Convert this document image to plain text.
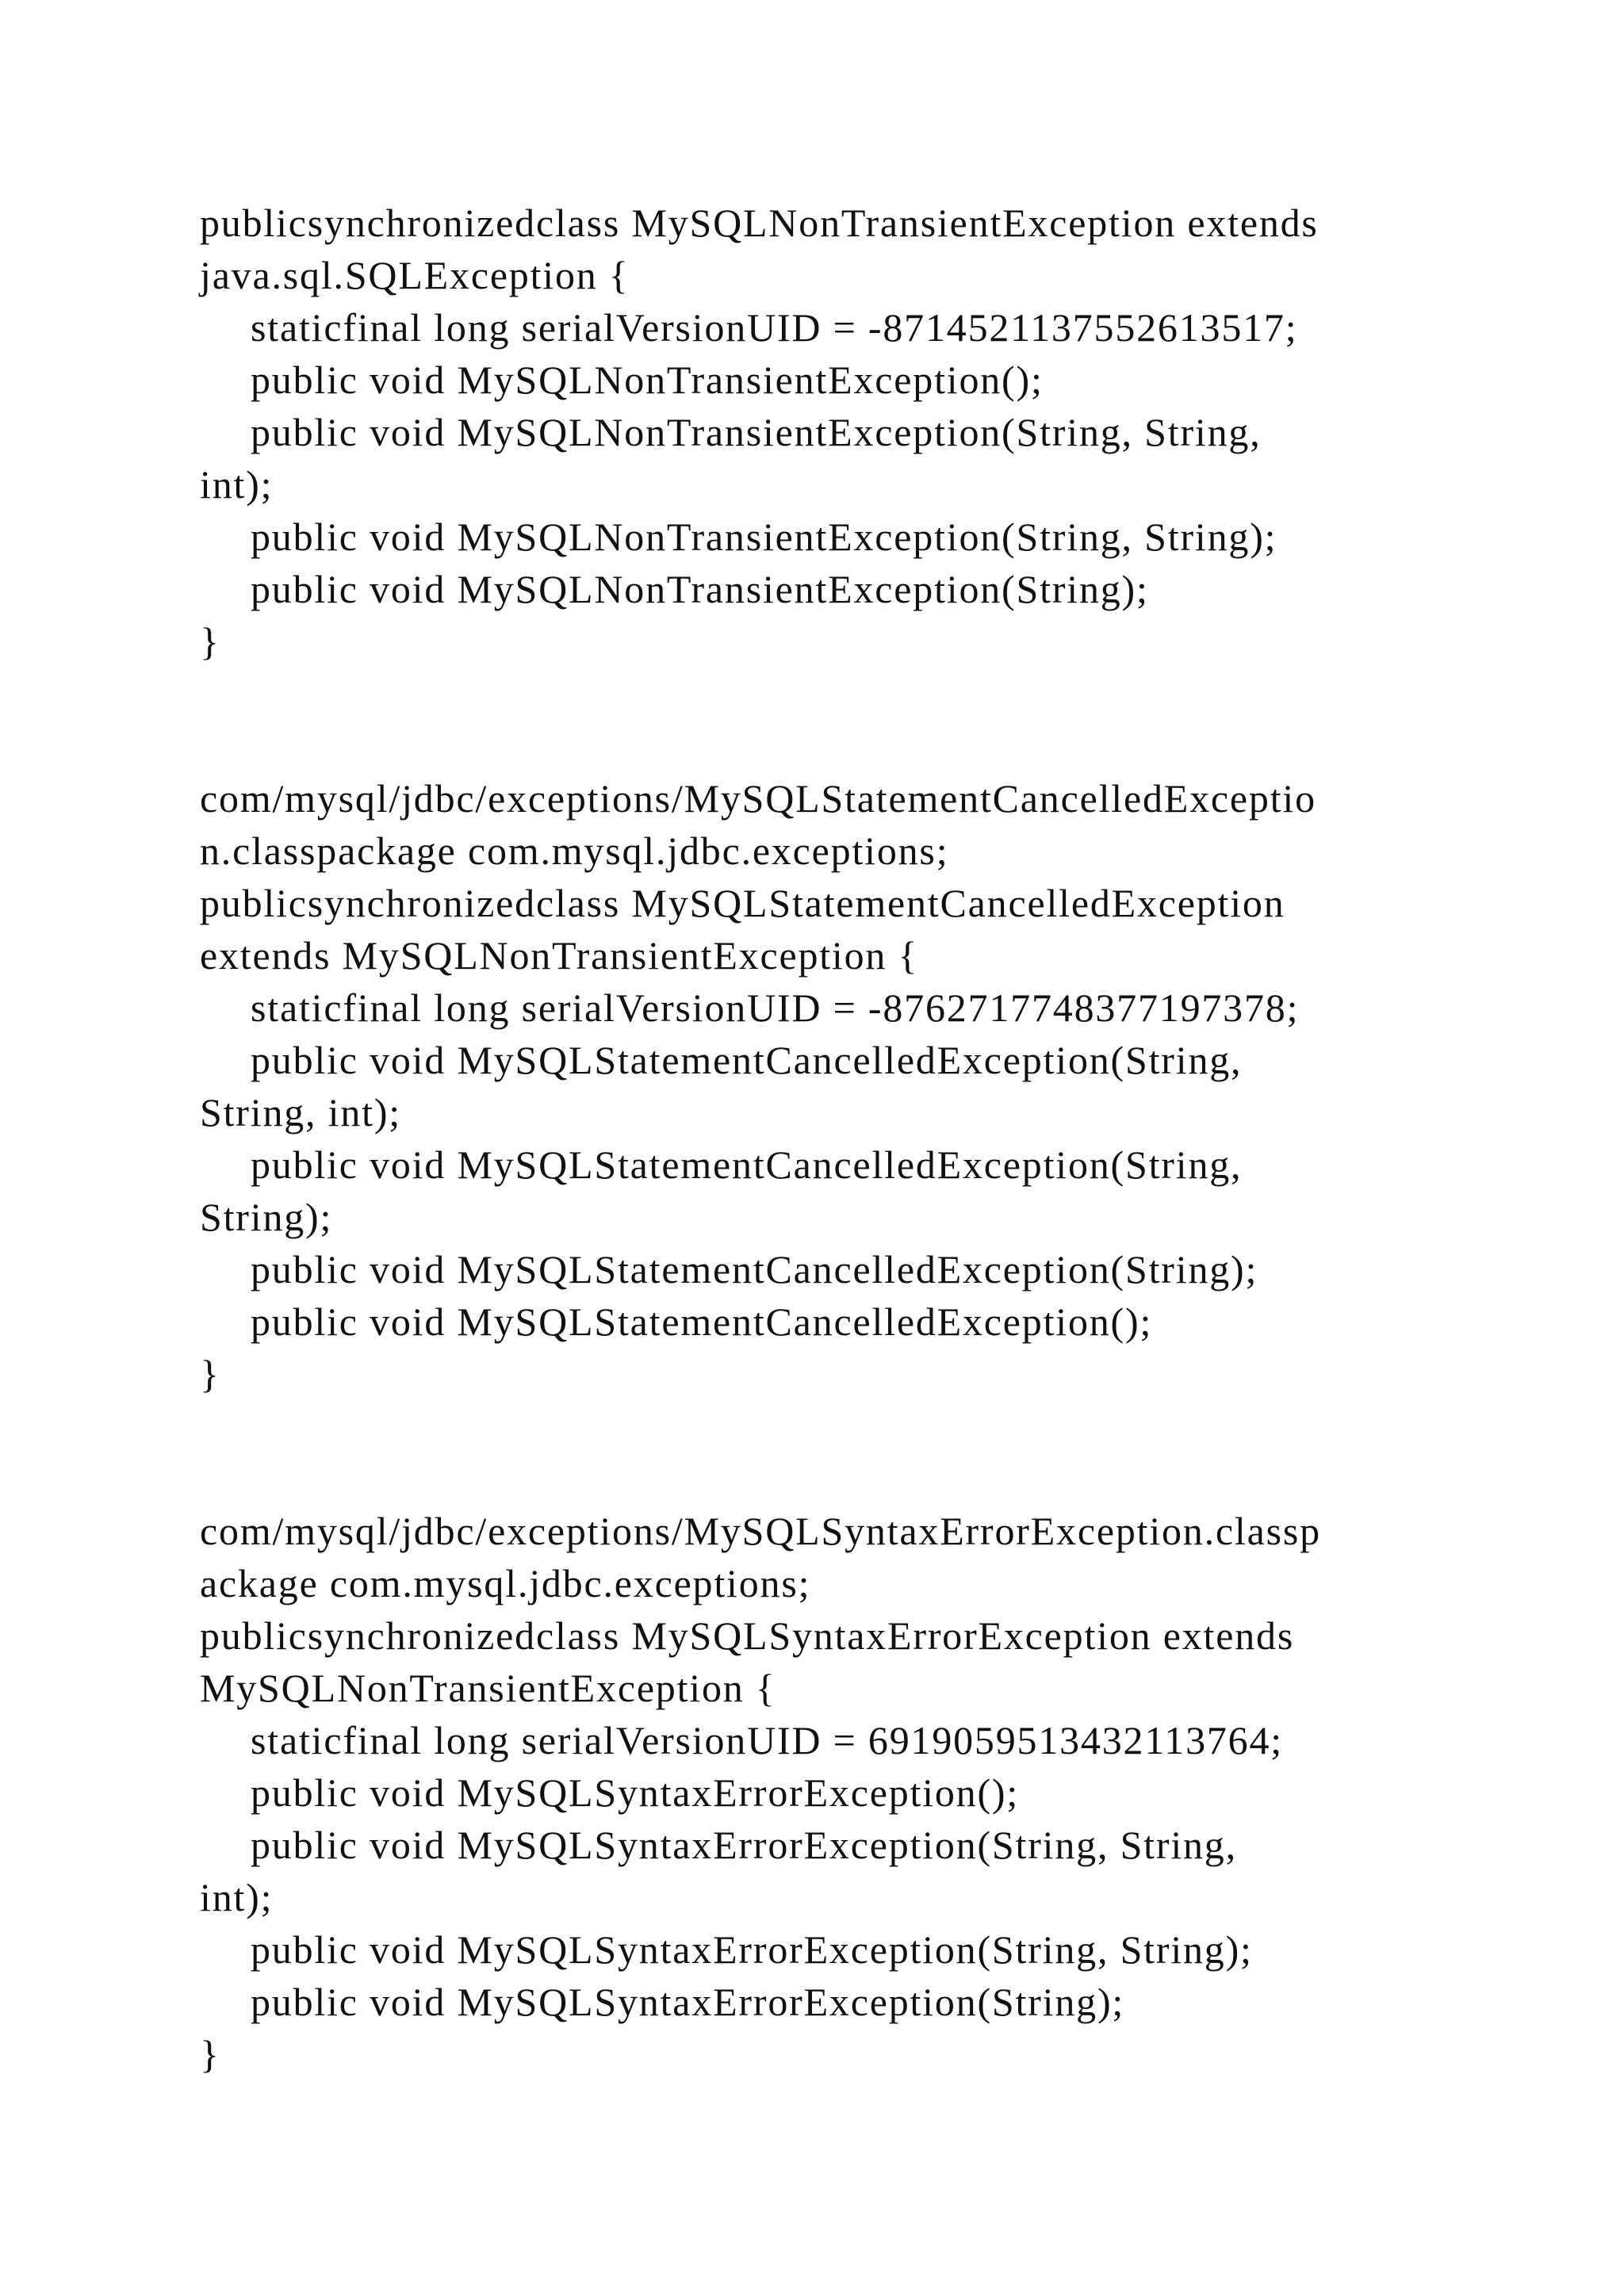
publicsynchronizedclass MySQLNonTransientException extends

java.sql.SQLException {

staticfinal long serialVersionUID = -8714521137552613517;

public void MySQLNonTransientException();

public void MySQLNonTransientException(String, String,

int);

public void MySQLNonTransientException(String, String);

public void MySQLNonTransientException(String);

}

com/mysql/jdbc/exceptions/MySQLStatementCancelledExceptio

n.classpackage com.mysql.jdbc.exceptions;

publicsynchronizedclass MySQLStatementCancelledException

extends MySQLNonTransientException {

staticfinal long serialVersionUID = -8762717748377197378;

public void MySQLStatementCancelledException(String,

String, int);

public void MySQLStatementCancelledException(String,

String);

public void MySQLStatementCancelledException(String);

public void MySQLStatementCancelledException();

}

com/mysql/jdbc/exceptions/MySQLSyntaxErrorException.classp

ackage com.mysql.jdbc.exceptions;

publicsynchronizedclass MySQLSyntaxErrorException extends

MySQLNonTransientException {

staticfinal long serialVersionUID = 6919059513432113764;

public void MySQLSyntaxErrorException();

public void MySQLSyntaxErrorException(String, String,

int);

public void MySQLSyntaxErrorException(String, String);

public void MySQLSyntaxErrorException(String);

}
